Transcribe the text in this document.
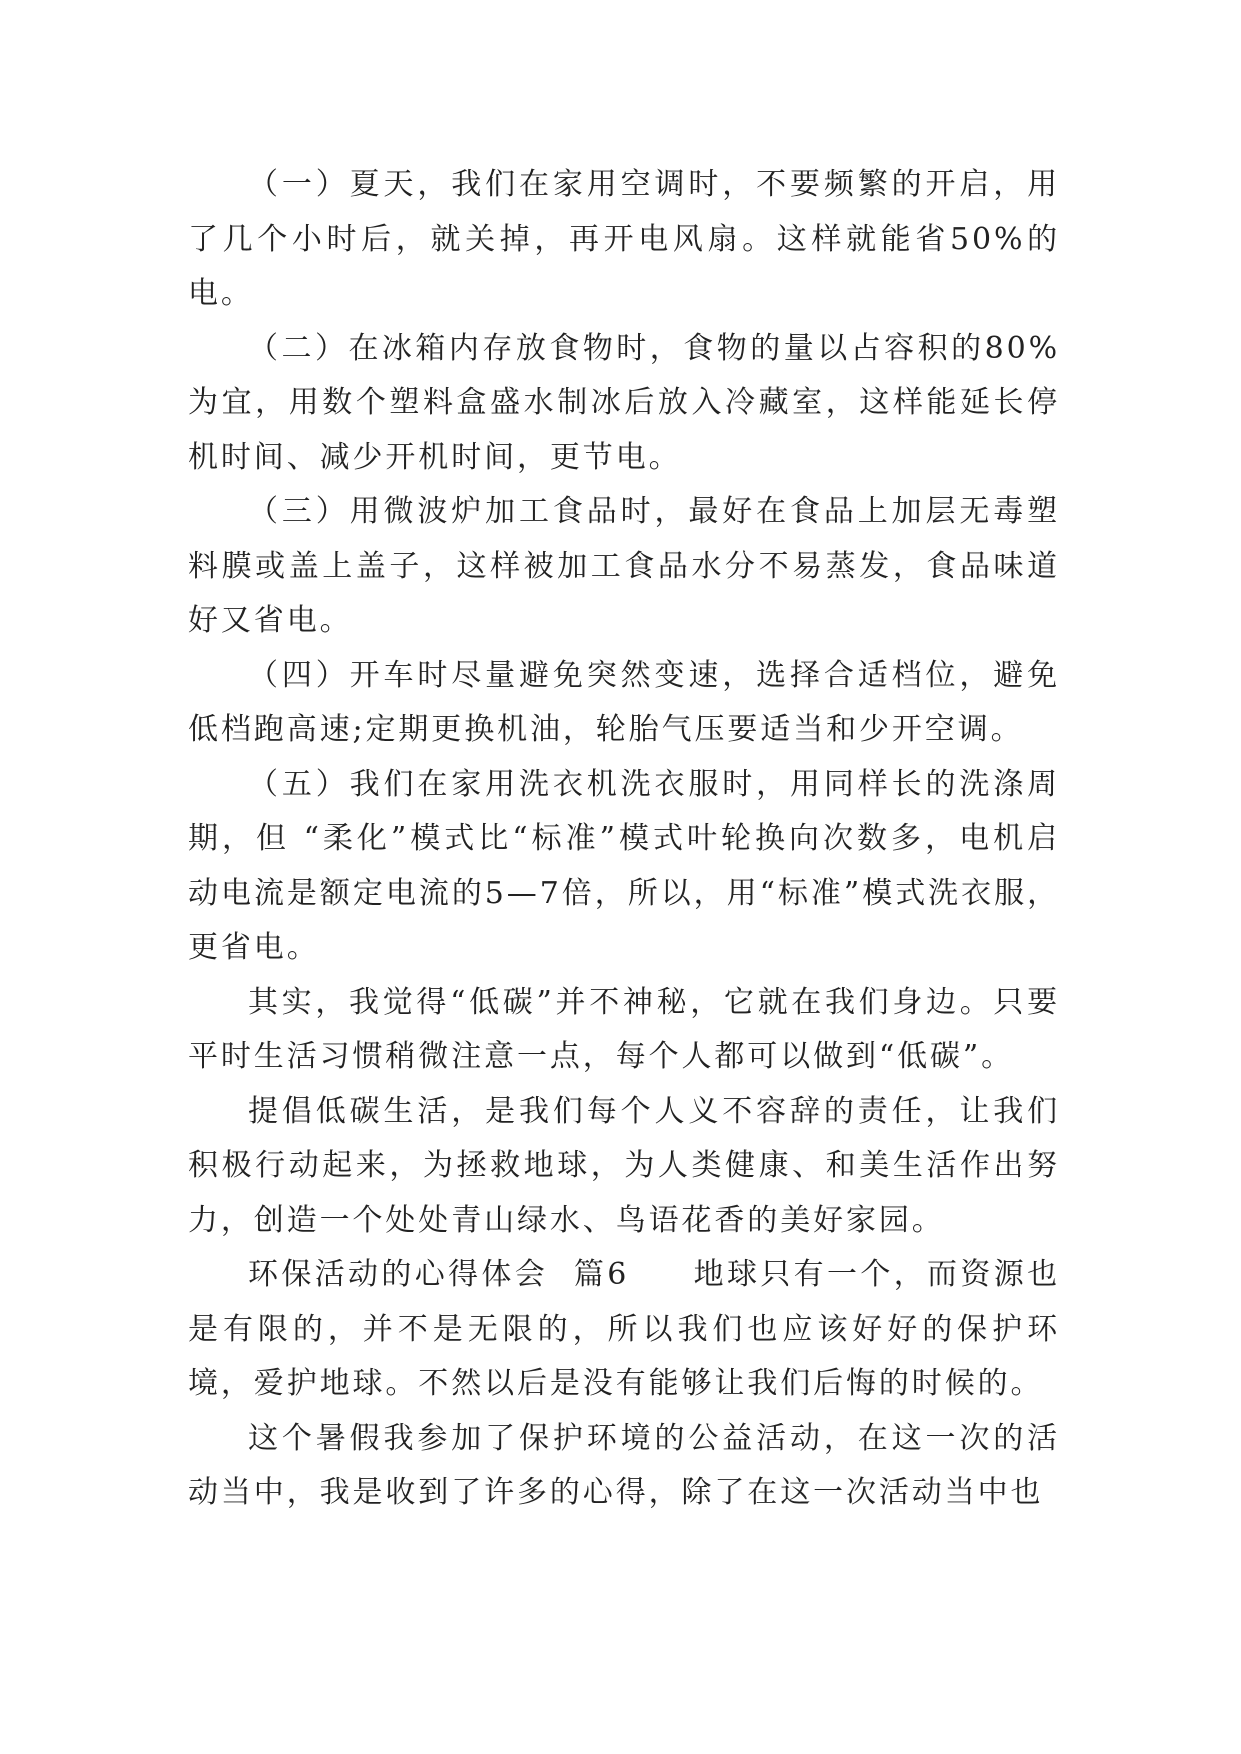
（一）夏天，我们在家用空调时，不要频繁的开启，用了几个小时后，就关掉，再开电风扇。这样就能省50%的电。

（二）在冰箱内存放食物时，食物的量以占容积的80%为宜，用数个塑料盒盛水制冰后放入冷藏室，这样能延长停机时间、减少开机时间，更节电。

（三）用微波炉加工食品时，最好在食品上加层无毒塑料膜或盖上盖子，这样被加工食品水分不易蒸发，食品味道好又省电。

（四）开车时尽量避免突然变速，选择合适档位，避免低档跑高速;定期更换机油，轮胎气压要适当和少开空调。

（五）我们在家用洗衣机洗衣服时，用同样长的洗涤周期，但 “柔化”模式比“标准”模式叶轮换向次数多，电机启动电流是额定电流的5—7倍，所以，用“标准”模式洗衣服，更省电。

其实，我觉得“低碳”并不神秘，它就在我们身边。只要平时生活习惯稍微注意一点，每个人都可以做到“低碳”。

提倡低碳生活，是我们每个人义不容辞的责任，让我们积极行动起来，为拯救地球，为人类健康、和美生活作出努力，创造一个处处青山绿水、鸟语花香的美好家园。

环保活动的心得体会  篇6     地球只有一个，而资源也是有限的，并不是无限的，所以我们也应该好好的保护环境，爱护地球。不然以后是没有能够让我们后悔的时候的。

这个暑假我参加了保护环境的公益活动，在这一次的活动当中，我是收到了许多的心得，除了在这一次活动当中也
